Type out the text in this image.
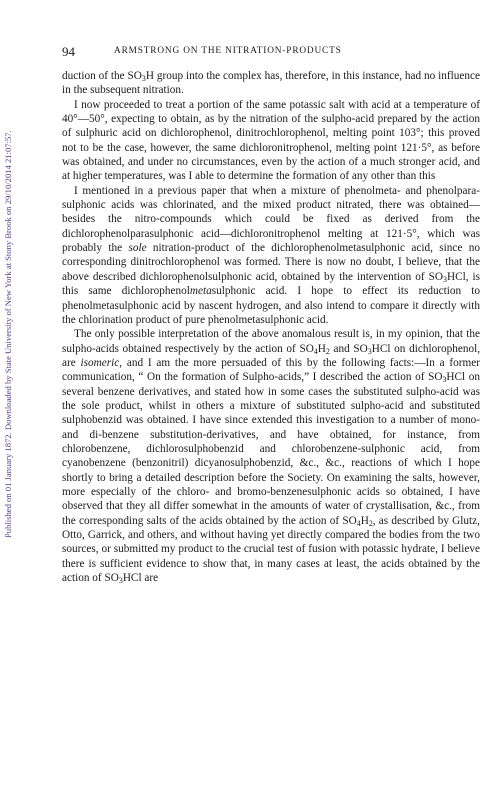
Published on 01 January 1872. Downloaded by State University of New York at Stony Brook on 29/10/2014 21:07:57.
94	ARMSTRONG ON THE NITRATION-PRODUCTS

duction of the $SO_3H$ group into the complex has, therefore, in this instance, had no influence in the subsequent nitration.

I now proceeded to treat a portion of the same potassic salt with acid at a temperature of 40°—50°, expecting to obtain, as by the nitration of the sulpho-acid prepared by the action of sulphuric acid on dichlorophenol, dinitrochlorophenol, melting point 103°; this proved not to be the case, however, the same dichloronitrophenol, melting point 121·5°, as before was obtained, and under no circumstances, even by the action of a much stronger acid, and at higher temperatures, was I able to determine the formation of any other than this

I mentioned in a previous paper that when a mixture of phenolmeta- and phenolpara-sulphonic acids was chlorinated, and the mixed product nitrated, there was obtained—besides the nitro-compounds which could be fixed as derived from the dichlorophenolparasulphonic acid—dichloronitrophenol melting at 121·5°, which was probably the sole nitration-product of the dichlorophenolmetasulphonic acid, since no corresponding dinitrochlorophenol was formed. There is now no doubt, I believe, that the above described dichlorophenolsulphonic acid, obtained by the intervention of $SO_3HCl$, is this same dichlorophenolmetasulphonic acid. I hope to effect its reduction to phenolmetasulphonic acid by nascent hydrogen, and also intend to compare it directly with the chlorination product of pure phenolmetasulphonic acid.

The only possible interpretation of the above anomalous result is, in my opinion, that the sulpho-acids obtained respectively by the action of $SO_4H_2$ and $SO_3HCl$ on dichlorophenol, are isomeric, and I am the more persuaded of this by the following facts:—In a former communication, “ On the formation of Sulpho-acids,” I described the action of $SO_3HCl$ on several benzene derivatives, and stated how in some cases the substituted sulpho-acid was the sole product, whilst in others a mixture of substituted sulpho-acid and substituted sulphobenzid was obtained. I have since extended this investigation to a number of mono- and di-benzene substitution-derivatives, and have obtained, for instance, from chlorobenzene, dichlorosulphobenzid and chlorobenzene-sulphonic acid, from cyanobenzene (benzonitril) dicyanosulphobenzid, &c., &c., reactions of which I hope shortly to bring a detailed description before the Society. On examining the salts, however, more especially of the chloro- and bromo-benzenesulphonic acids so obtained, I have observed that they all differ somewhat in the amounts of water of crystallisation, &c., from the corresponding salts of the acids obtained by the action of $SO_4H_2$, as described by Glutz, Otto, Garrick, and others, and without having yet directly compared the bodies from the two sources, or submitted my product to the crucial test of fusion with potassic hydrate, I believe there is sufficient evidence to show that, in many cases at least, the acids obtained by the action of $SO_3HCl$ are
